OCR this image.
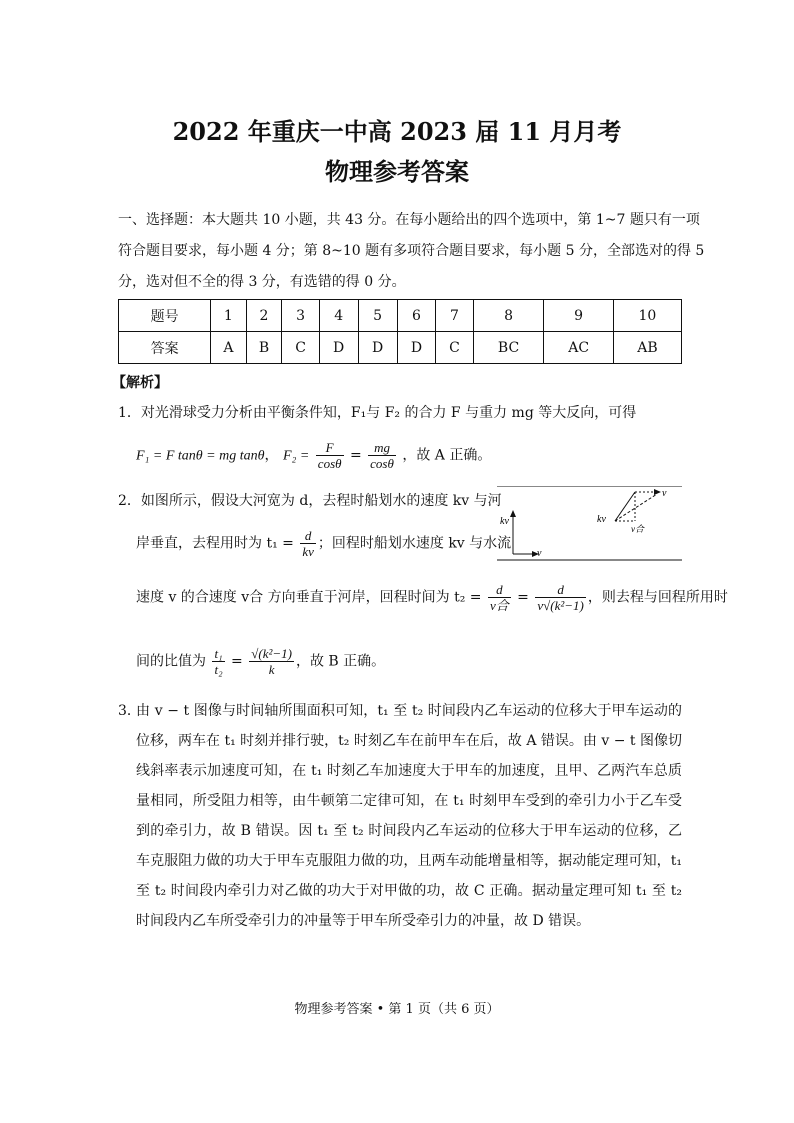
2022 年重庆一中高 2023 届 11 月月考
物理参考答案
一、选择题：本大题共 10 小题，共 43 分。在每小题给出的四个选项中，第 1~7 题只有一项
符合题目要求，每小题 4 分；第 8~10 题有多项符合题目要求，每小题 5 分，全部选对的得 5
分，选对但不全的得 3 分，有选错的得 0 分。
题号	1	2	3	4	5	6	7	8	9	10
答案	A	B	C	D	D	D	C	BC	AC	AB
【解析】
1．对光滑球受力分析由平衡条件知，F₁与 F₂ 的合力 F 与重力 mg 等大反向，可得
F₁ = F tanθ = mg tanθ， $F_2 = \frac{F}{\cos\theta} = \frac{mg}{\cos\theta}$ ，故 A 正确。
2．如图所示，假设大河宽为 d，去程时船划水的速度 kv 与河
岸垂直，去程用时为 $t_1 = \frac{d}{kv}$ ；回程时船划水速度 kv 与水流
kv
v
kv
v
v合
速度 v 的合速度 v合 方向垂直于河岸，回程时间为 $t_2 = \frac{d}{\text{v合}} = \frac{d}{\text{v√(k²−1)}}$ ，则去程与回程所用时
间的比值为 $\frac{\text{t₁}}{\text{t₂}} = \frac{\text{√(k²−1)}}{k}$ ，故 B 正确。
3．
由 v − t 图像与时间轴所围面积可知，t₁ 至 t₂ 时间段内乙车运动的位移大于甲车运动的位移，两车在 t₁ 时刻并排行驶，t₂ 时刻乙车在前甲车在后，故 A 错误。由 v − t 图像切线斜率表示加速度可知，在 t₁ 时刻乙车加速度大于甲车的加速度，且甲、乙两汽车总质量相同，所受阻力相等，由牛顿第二定律可知，在 t₁ 时刻甲车受到的牵引力小于乙车受到的牵引力，故 B 错误。因 t₁ 至 t₂ 时间段内乙车运动的位移大于甲车运动的位移，乙车克服阻力做的功大于甲车克服阻力做的功，且两车动能增量相等，据动能定理可知，t₁ 至 t₂ 时间段内牵引力对乙做的功大于对甲做的功，故 C 正确。据动量定理可知 t₁ 至 t₂ 时间段内乙车所受牵引力的冲量等于甲车所受牵引力的冲量，故 D 错误。
物理参考答案 • 第 1 页（共 6 页）
